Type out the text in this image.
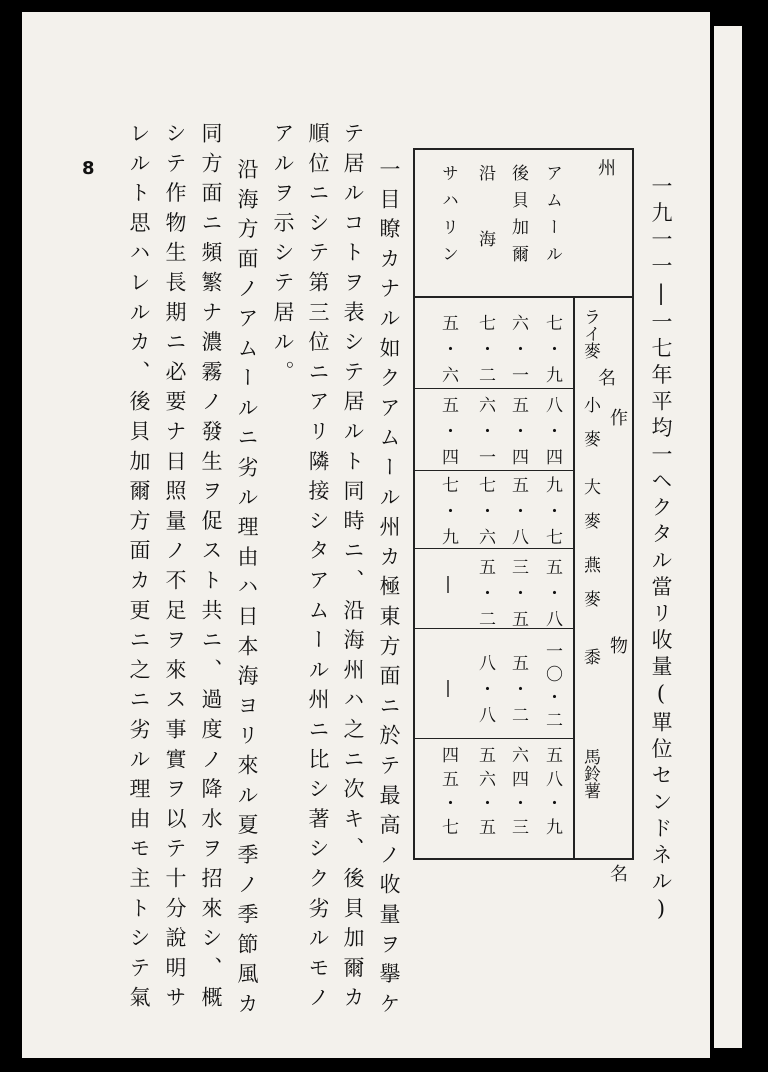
8
一九一一|一七年平均一ヘクタル當リ收量(單位センドネル)
州　　名
作　　物　　名
アムール
後貝加爾
沿　海
サハリン
ライ麥
小　麥
大　麥
燕　麥
黍
馬鈴薯
七・九
六・一
七・二
五・六
八・四
五・四
六・一
五・四
九・七
五・八
七・六
七・九
五・八
三・五
五・二
|
一〇・二
五・二
八・八
|
五八・九
六四・三
五六・五
四五・七
一目瞭カナル如クアムール州カ極東方面ニ於テ最高ノ收量ヲ擧ケ
テ居ルコトヲ表シテ居ルト同時ニ、沿海州ハ之ニ次キ、後貝加爾カ
順位ニシテ第三位ニアリ隣接シタアムール州ニ比シ著シク劣ルモノ
アルヲ示シテ居ル。
沿海方面ノアムールニ劣ル理由ハ日本海ヨリ來ル夏季ノ季節風カ
同方面ニ頻繁ナ濃霧ノ發生ヲ促スト共ニ、過度ノ降水ヲ招來シ、概
シテ作物生長期ニ必要ナ日照量ノ不足ヲ來ス事實ヲ以テ十分說明サ
レルト思ハレルカ、後貝加爾方面カ更ニ之ニ劣ル理由モ主トシテ氣
